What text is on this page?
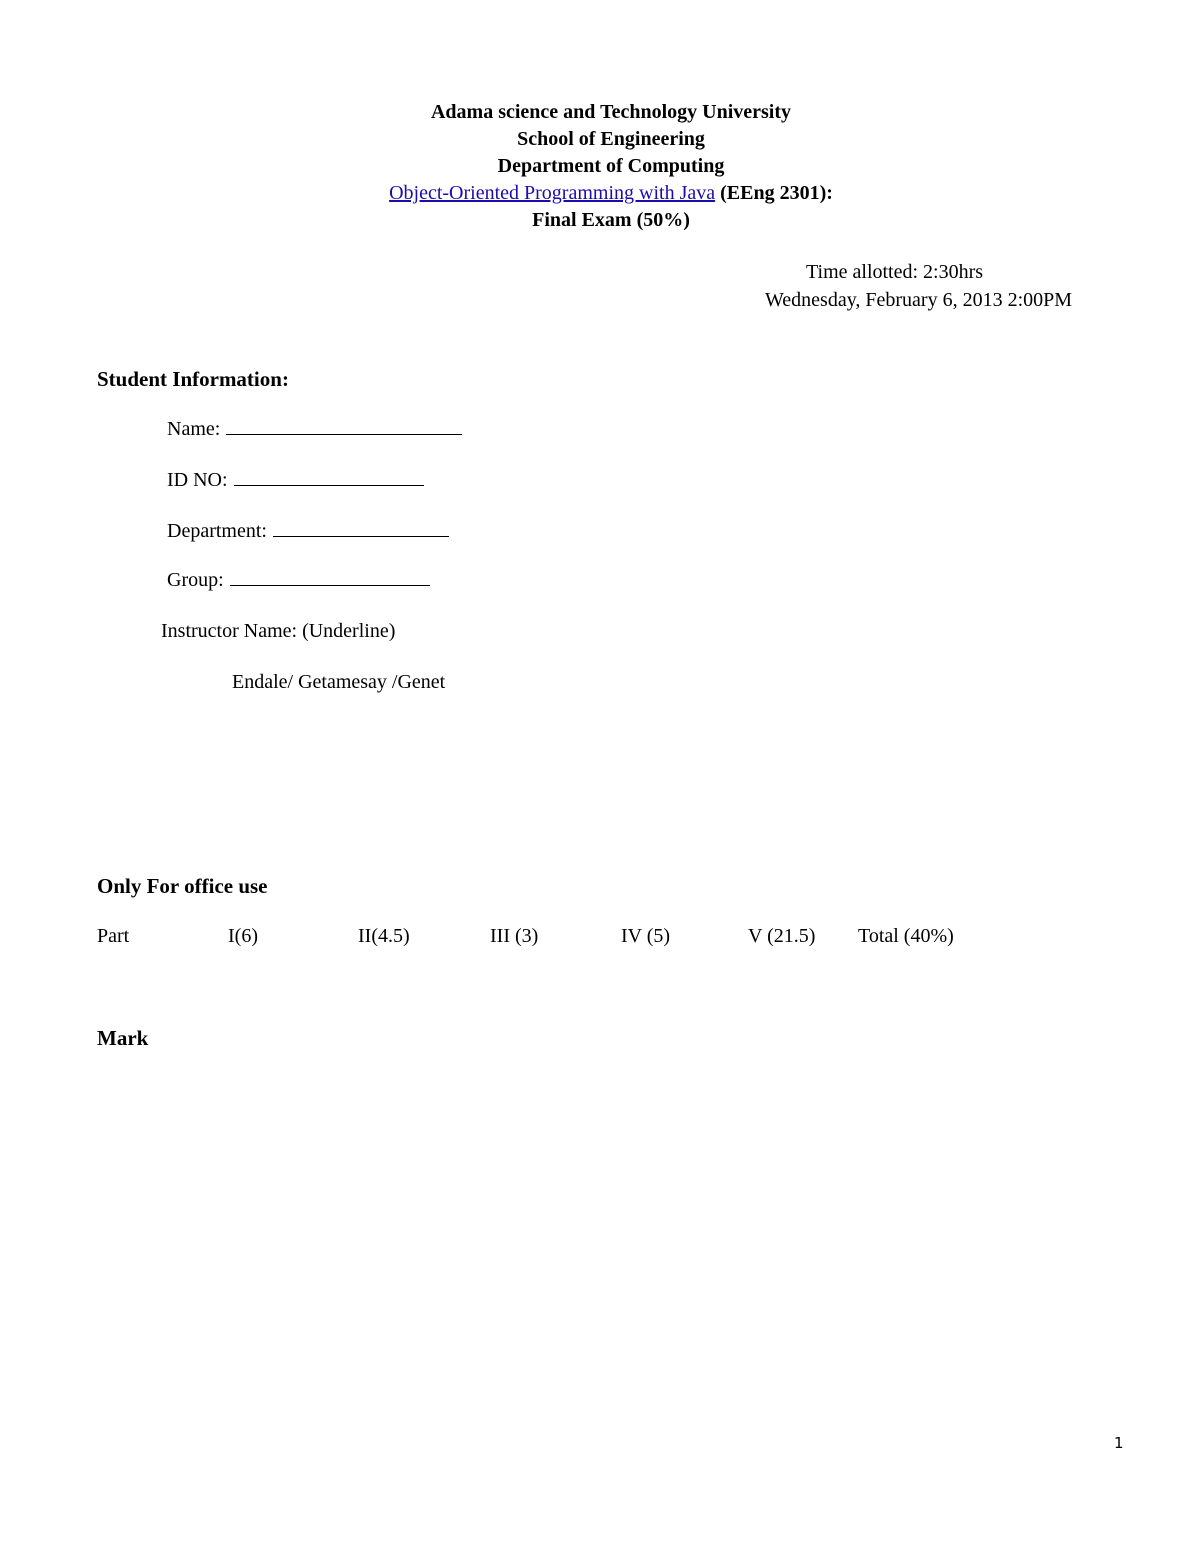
Adama science and Technology University
School of Engineering
Department of Computing
Object-Oriented Programming with Java (EEng 2301):
Final Exam (50%)
Time allotted: 2:30hrs
Wednesday, February 6, 2013 2:00PM
Student Information:
Name:
ID NO:
Department:
Group:
Instructor Name: (Underline)
Endale/ Getamesay /Genet
Only For office use
Part	I(6)	II(4.5)	III (3)	IV (5)	V (21.5) Total (40%)
Mark
1
